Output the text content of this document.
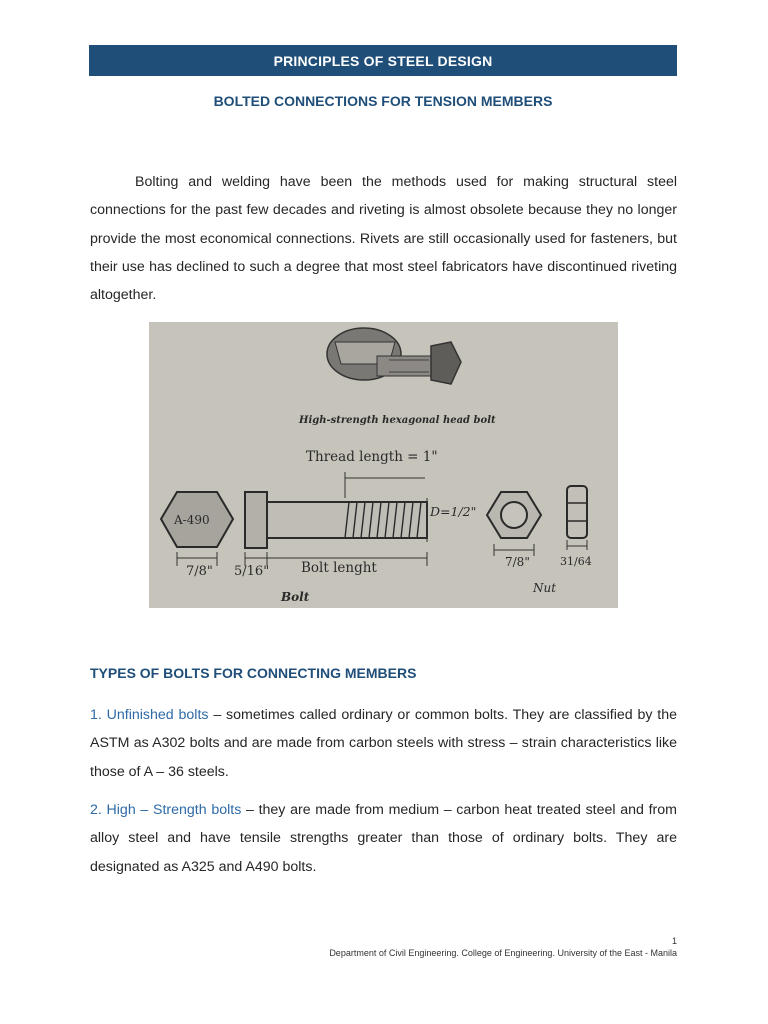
PRINCIPLES OF STEEL DESIGN
BOLTED CONNECTIONS FOR TENSION MEMBERS

Bolting and welding have been the methods used for making structural steel connections for the past few decades and riveting is almost obsolete because they no longer provide the most economical connections. Rivets are still occasionally used for fasteners, but their use has declined to such a degree that most steel fabricators have discontinued riveting altogether.

High-strength hexagonal head bolt
Thread length = 1"
A-490
D=1/2"
7/8" 5/16" Bolt lenght
Bolt
7/8"	31/64
Nut
TYPES OF BOLTS FOR CONNECTING MEMBERS

1. Unfinished bolts – sometimes called ordinary or common bolts. They are classified by the ASTM as A302 bolts and are made from carbon steels with stress – strain characteristics like those of A – 36 steels.

2. High – Strength bolts – they are made from medium – carbon heat treated steel and from alloy steel and have tensile strengths greater than those of ordinary bolts. They are designated as A325 and A490 bolts.

1
Department of Civil Engineering. College of Engineering. University of the East - Manila
